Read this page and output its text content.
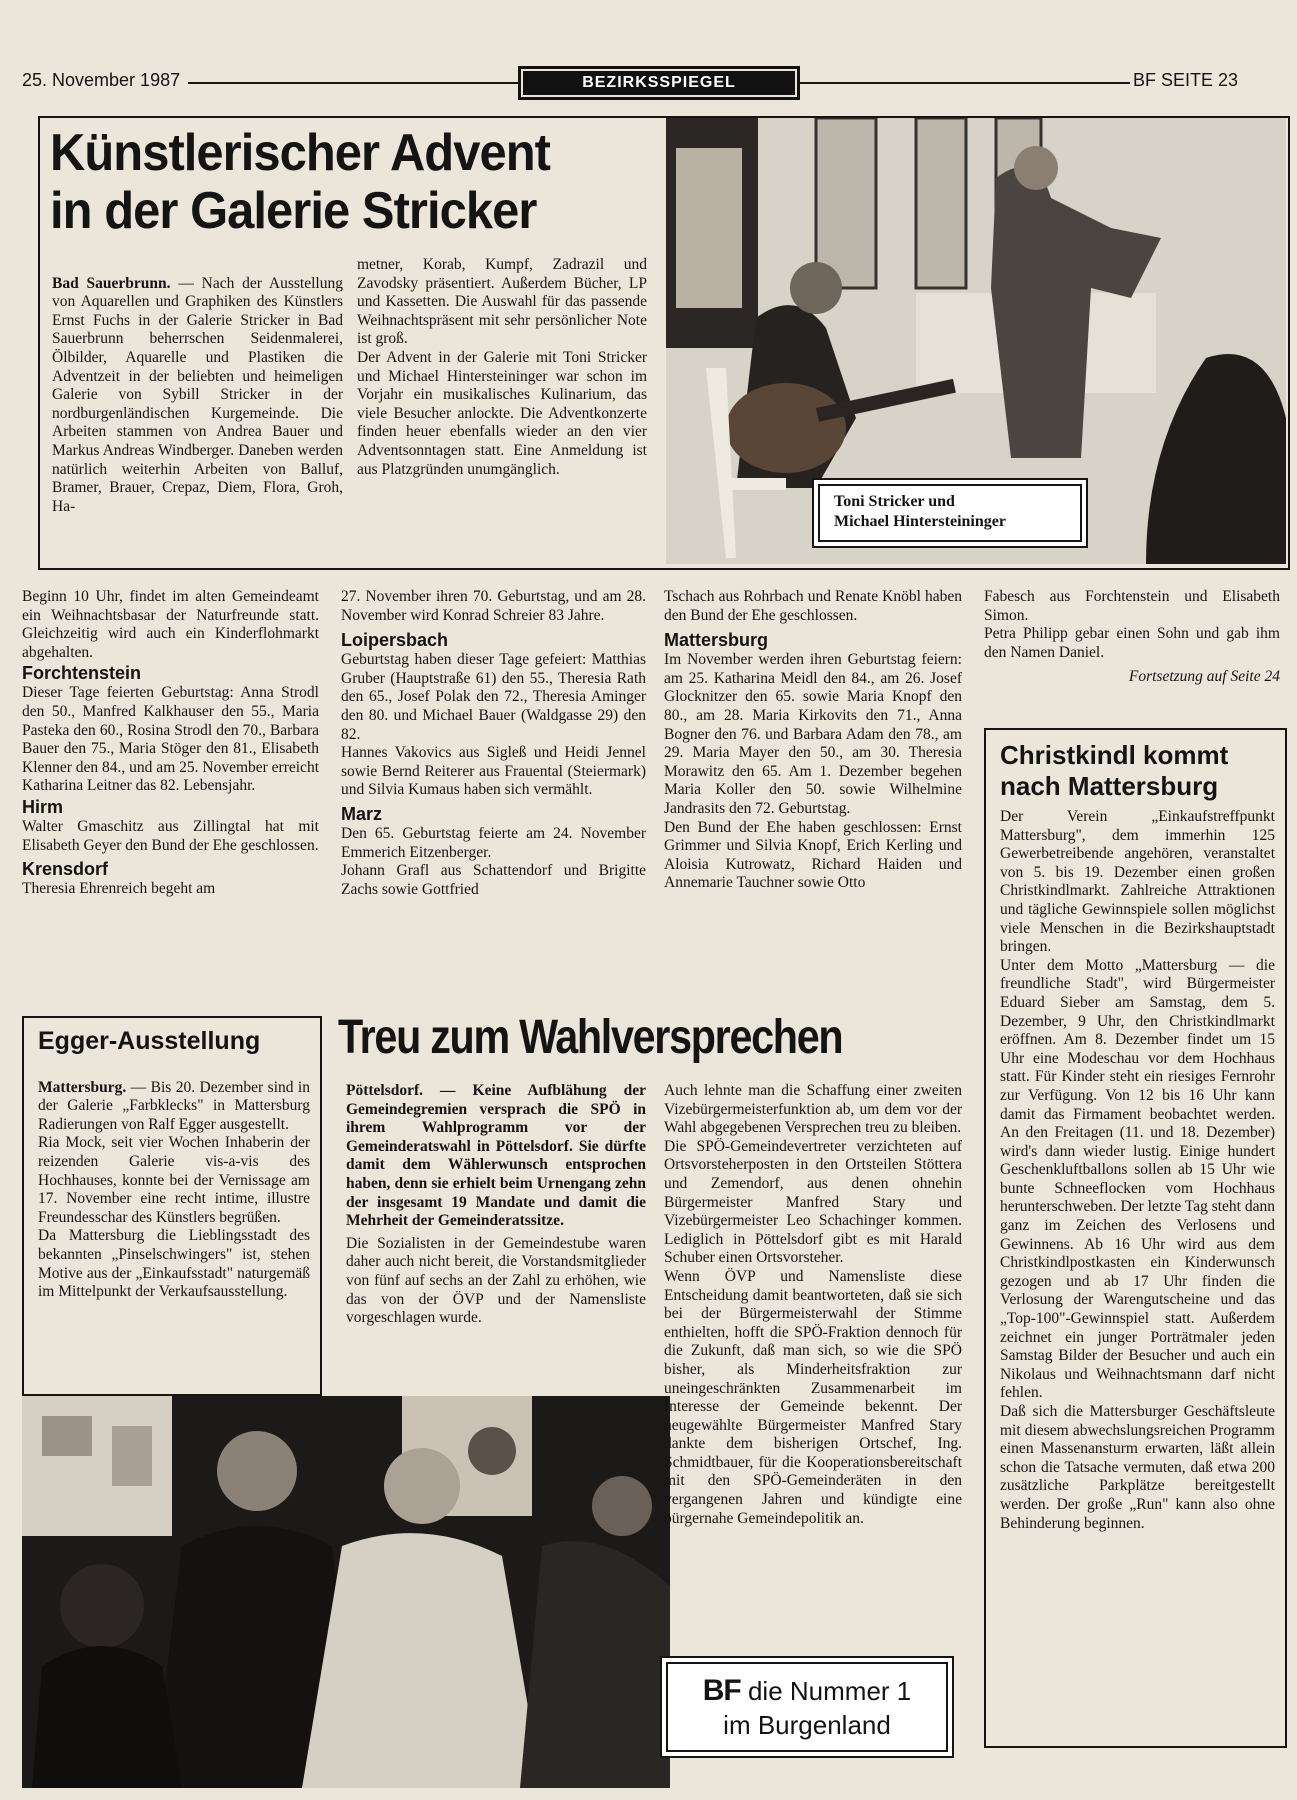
25. November 1987	BEZIRKSSPIEGEL	BF SEITE 23
Künstlerischer Advent
in der Galerie Stricker

Bad Sauerbrunn. — Nach der Ausstellung von Aquarellen und Graphiken des Künstlers Ernst Fuchs in der Galerie Stricker in Bad Sauerbrunn beherrschen Seidenmalerei, Ölbilder, Aquarelle und Plastiken die Adventzeit in der beliebten und heimeligen Galerie von Sybill Stricker in der nordburgenländischen Kurgemeinde. Die Arbeiten stammen von Andrea Bauer und Markus Andreas Windberger. Daneben werden natürlich weiterhin Arbeiten von Balluf, Bramer, Brauer, Crepaz, Diem, Flora, Groh, Ha-

metner, Korab, Kumpf, Zadrazil und Zavodsky präsentiert. Außerdem Bücher, LP und Kassetten. Die Auswahl für das passende Weihnachtspräsent mit sehr persönlicher Note ist groß.
Der Advent in der Galerie mit Toni Stricker und Michael Hintersteininger war schon im Vorjahr ein musikalisches Kulinarium, das viele Besucher anlockte. Die Adventkonzerte finden heuer ebenfalls wieder an den vier Adventsonntagen statt. Eine Anmeldung ist aus Platzgründen unumgänglich.

Toni Stricker und
Michael Hintersteininger

Beginn 10 Uhr, findet im alten Gemeindeamt ein Weihnachtsbasar der Naturfreunde statt. Gleichzeitig wird auch ein Kinderflohmarkt abgehalten.

Forchtenstein

Dieser Tage feierten Geburtstag: Anna Strodl den 50., Manfred Kalkhauser den 55., Maria Pasteka den 60., Rosina Strodl den 70., Barbara Bauer den 75., Maria Stöger den 81., Elisabeth Klenner den 84., und am 25. November erreicht Katharina Leitner das 82. Lebensjahr.

Hirm

Walter Gmaschitz aus Zillingtal hat mit Elisabeth Geyer den Bund der Ehe geschlossen.

Krensdorf

Theresia Ehrenreich begeht am

27. November ihren 70. Geburtstag, und am 28. November wird Konrad Schreier 83 Jahre.

Loipersbach

Geburtstag haben dieser Tage gefeiert: Matthias Gruber (Hauptstraße 61) den 55., Theresia Rath den 65., Josef Polak den 72., Theresia Aminger den 80. und Michael Bauer (Waldgasse 29) den 82.
Hannes Vakovics aus Sigleß und Heidi Jennel sowie Bernd Reiterer aus Frauental (Steiermark) und Silvia Kumaus haben sich vermählt.

Marz

Den 65. Geburtstag feierte am 24. November Emmerich Eitzenberger.
Johann Grafl aus Schattendorf und Brigitte Zachs sowie Gottfried

Tschach aus Rohrbach und Renate Knöbl haben den Bund der Ehe geschlossen.

Mattersburg

Im November werden ihren Geburtstag feiern: am 25. Katharina Meidl den 84., am 26. Josef Glocknitzer den 65. sowie Maria Knopf den 80., am 28. Maria Kirkovits den 71., Anna Bogner den 76. und Barbara Adam den 78., am 29. Maria Mayer den 50., am 30. Theresia Morawitz den 65. Am 1. Dezember begehen Maria Koller den 50. sowie Wilhelmine Jandrasits den 72. Geburtstag.
Den Bund der Ehe haben geschlossen: Ernst Grimmer und Silvia Knopf, Erich Kerling und Aloisia Kutrowatz, Richard Haiden und Annemarie Tauchner sowie Otto

Fabesch aus Forchtenstein und Elisabeth Simon.
Petra Philipp gebar einen Sohn und gab ihm den Namen Daniel.

Fortsetzung auf Seite 24
Christkindl kommt
nach Mattersburg

Der Verein „Einkaufstreffpunkt Mattersburg", dem immerhin 125 Gewerbetreibende angehören, veranstaltet von 5. bis 19. Dezember einen großen Christkindlmarkt. Zahlreiche Attraktionen und tägliche Gewinnspiele sollen möglichst viele Menschen in die Bezirkshauptstadt bringen.
Unter dem Motto „Mattersburg — die freundliche Stadt", wird Bürgermeister Eduard Sieber am Samstag, dem 5. Dezember, 9 Uhr, den Christkindlmarkt eröffnen. Am 8. Dezember findet um 15 Uhr eine Modeschau vor dem Hochhaus statt. Für Kinder steht ein riesiges Fernrohr zur Verfügung. Von 12 bis 16 Uhr kann damit das Firmament beobachtet werden. An den Freitagen (11. und 18. Dezember) wird's dann wieder lustig. Einige hundert Geschenkluftballons sollen ab 15 Uhr wie bunte Schneeflocken vom Hochhaus herunterschweben. Der letzte Tag steht dann ganz im Zeichen des Verlosens und Gewinnens. Ab 16 Uhr wird aus dem Christkindlpostkasten ein Kinderwunsch gezogen und ab 17 Uhr finden die Verlosung der Warengutscheine und das „Top-100"-Gewinnspiel statt. Außerdem zeichnet ein junger Porträtmaler jeden Samstag Bilder der Besucher und auch ein Nikolaus und Weihnachtsmann darf nicht fehlen.
Daß sich die Mattersburger Geschäftsleute mit diesem abwechslungsreichen Programm einen Massenansturm erwarten, läßt allein schon die Tatsache vermuten, daß etwa 200 zusätzliche Parkplätze bereitgestellt werden. Der große „Run" kann also ohne Behinderung beginnen.

Egger-Ausstellung

Mattersburg. — Bis 20. Dezember sind in der Galerie „Farbklecks" in Mattersburg Radierungen von Ralf Egger ausgestellt.
Ria Mock, seit vier Wochen Inhaberin der reizenden Galerie vis-a-vis des Hochhauses, konnte bei der Vernissage am 17. November eine recht intime, illustre Freundesschar des Künstlers begrüßen.
Da Mattersburg die Lieblingsstadt des bekannten „Pinselschwingers" ist, stehen Motive aus der „Einkaufsstadt" naturgemäß im Mittelpunkt der Verkaufsausstellung.

Treu zum Wahlversprechen

Pöttelsdorf. — Keine Aufblähung der Gemeindegremien versprach die SPÖ in ihrem Wahlprogramm vor der Gemeinderatswahl in Pöttelsdorf. Sie dürfte damit dem Wählerwunsch entsprochen haben, denn sie erhielt beim Urnengang zehn der insgesamt 19 Mandate und damit die Mehrheit der Gemeinderatssitze.

Die Sozialisten in der Gemeindestube waren daher auch nicht bereit, die Vorstandsmitglieder von fünf auf sechs an der Zahl zu erhöhen, wie das von der ÖVP und der Namensliste vorgeschlagen wurde.

Auch lehnte man die Schaffung einer zweiten Vizebürgermeisterfunktion ab, um dem vor der Wahl abgegebenen Versprechen treu zu bleiben.
Die SPÖ-Gemeindevertreter verzichteten auf Ortsvorsteherposten in den Ortsteilen Stöttera und Zemendorf, aus denen ohnehin Bürgermeister Manfred Stary und Vizebürgermeister Leo Schachinger kommen. Lediglich in Pöttelsdorf gibt es mit Harald Schuber einen Ortsvorsteher.
Wenn ÖVP und Namensliste diese Entscheidung damit beantworteten, daß sie sich bei der Bürgermeisterwahl der Stimme enthielten, hofft die SPÖ-Fraktion dennoch für die Zukunft, daß man sich, so wie die SPÖ bisher, als Minderheitsfraktion zur uneingeschränkten Zusammenarbeit im Interesse der Gemeinde bekennt. Der neugewählte Bürgermeister Manfred Stary dankte dem bisherigen Ortschef, Ing. Schmidtbauer, für die Kooperationsbereitschaft mit den SPÖ-Gemeinderäten in den vergangenen Jahren und kündigte eine bürgernahe Gemeindepolitik an.

BF die Nummer 1
im Burgenland
